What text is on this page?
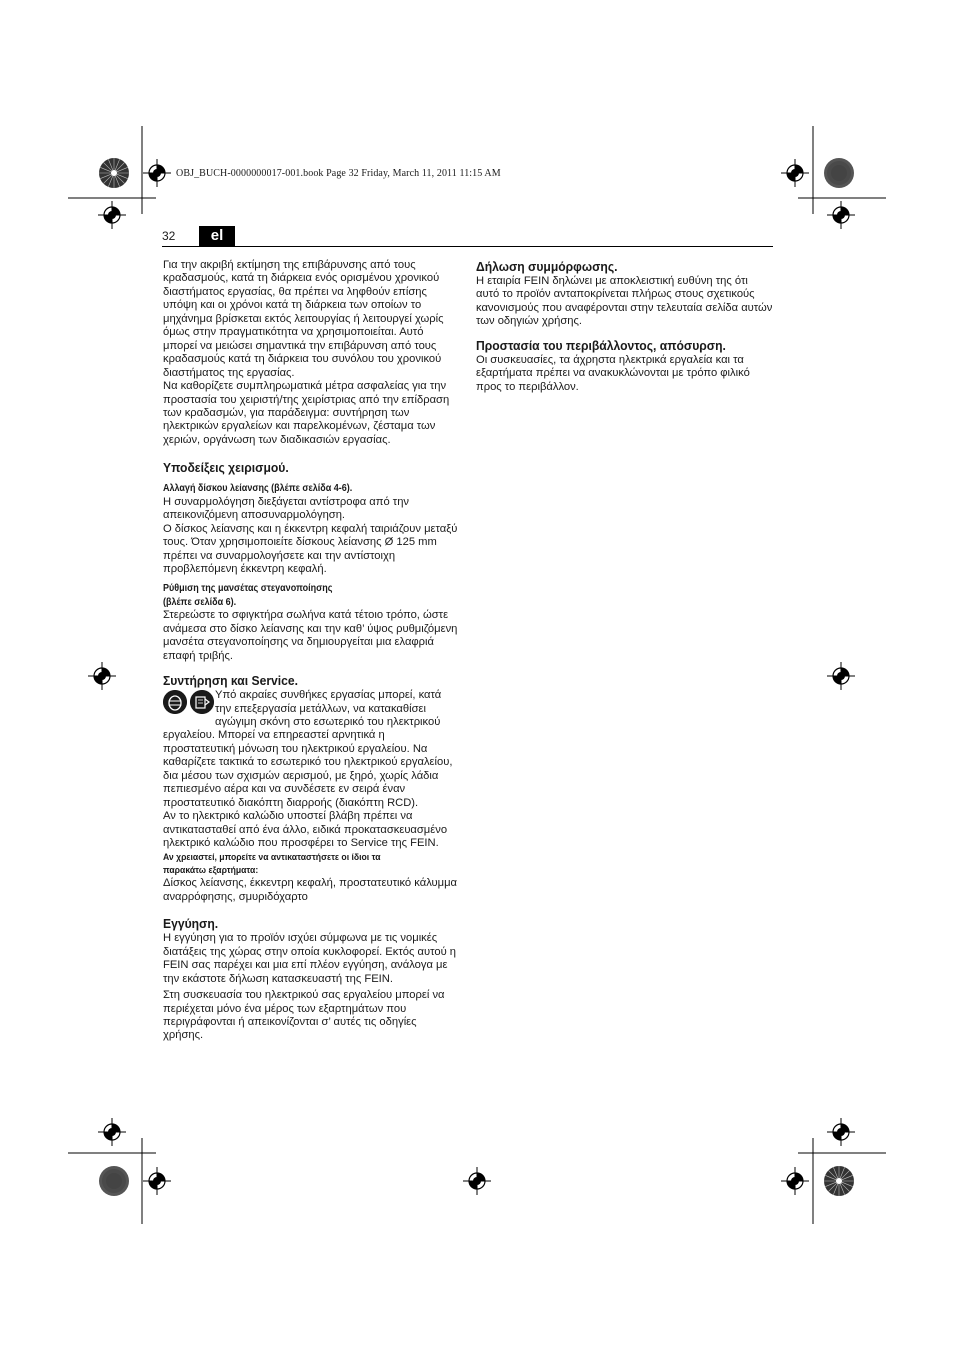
OBJ_BUCH-0000000017-001.book Page 32 Friday, March 11, 2011 11:15 AM
32	el

Για την ακριβή εκτίμηση της επιβάρυνσης από τους κραδασμούς, κατά τη διάρκεια ενός ορισμένου χρονικού διαστήματος εργασίας, θα πρέπει να ληφθούν επίσης υπόψη και οι χρόνοι κατά τη διάρκεια των οποίων το μηχάνημα βρίσκεται εκτός λειτουργίας ή λειτουργεί χωρίς όμως στην πραγματικότητα να χρησιμοποιείται. Αυτό μπορεί να μειώσει σημαντικά την επιβάρυνση από τους κραδασμούς κατά τη διάρκεια του συνόλου του χρονικού διαστήματος της εργασίας.

Να καθορίζετε συμπληρωματικά μέτρα ασφαλείας για την προστασία του χειριστή/της χειρίστριας από την επίδραση των κραδασμών, για παράδειγμα: συντήρηση των ηλεκτρικών εργαλείων και παρελκομένων, ζέσταμα των χεριών, οργάνωση των διαδικασιών εργασίας.

Υποδείξεις χειρισμού.
Αλλαγή δίσκου λείανσης (βλέπε σελίδα 4-6).

Η συναρμολόγηση διεξάγεται αντίστροφα από την απεικονιζόμενη αποσυναρμολόγηση.

Ο δίσκος λείανσης και η έκκεντρη κεφαλή ταιριάζουν μεταξύ τους. Όταν χρησιμοποιείτε δίσκους λείανσης Ø 125 mm πρέπει να συναρμολογήσετε και την αντίστοιχη προβλεπόμενη έκκεντρη κεφαλή.

Ρύθμιση της μανσέτας στεγανοποίησης
(βλέπε σελίδα 6).

Στερεώστε το σφιγκτήρα σωλήνα κατά τέτοιο τρόπο, ώστε ανάμεσα στο δίσκο λείανσης και την καθ’ ύψος ρυθμιζόμενη μανσέτα στεγανοποίησης να δημιουργείται μια ελαφριά επαφή τριβής.

Συντήρηση και Service.

Υπό ακραίες συνθήκες εργασίας μπορεί, κατά την επεξεργασία μετάλλων, να κατακαθίσει αγώγιμη σκόνη στο εσωτερικό του ηλεκτρικού εργαλείου. Μπορεί να επηρεαστεί αρνητικά η προστατευτική μόνωση του ηλεκτρικού εργαλείου. Να καθαρίζετε τακτικά το εσωτερικό του ηλεκτρικού εργαλείου, δια μέσου των σχισμών αερισμού, με ξηρό, χωρίς λάδια πεπιεσμένο αέρα και να συνδέσετε εν σειρά έναν προστατευτικό διακόπτη διαρροής (διακόπτη RCD).

Αν το ηλεκτρικό καλώδιο υποστεί βλάβη πρέπει να αντικατασταθεί από ένα άλλο, ειδικά προκατασκευασμένο ηλεκτρικό καλώδιο που προσφέρει το Service της FEIN.

Αν χρειαστεί, μπορείτε να αντικαταστήσετε οι ίδιοι τα
παρακάτω εξαρτήματα:

Δίσκος λείανσης, έκκεντρη κεφαλή, προστατευτικό κάλυμμα αναρρόφησης, σμυριδόχαρτο

Εγγύηση.

Η εγγύηση για το προϊόν ισχύει σύμφωνα με τις νομικές διατάξεις της χώρας στην οποία κυκλοφορεί. Εκτός αυτού η FEIN σας παρέχει και μια επί πλέον εγγύηση, ανάλογα με την εκάστοτε δήλωση κατασκευαστή της FEIN.

Στη συσκευασία του ηλεκτρικού σας εργαλείου μπορεί να περιέχεται μόνο ένα μέρος των εξαρτημάτων που περιγράφονται ή απεικονίζονται σ’ αυτές τις οδηγίες χρήσης.

Δήλωση συμμόρφωσης.

Η εταιρία FEIN δηλώνει με αποκλειστική ευθύνη της ότι αυτό το προϊόν ανταποκρίνεται πλήρως στους σχετικούς κανονισμούς που αναφέρονται στην τελευταία σελίδα αυτών των οδηγιών χρήσης.

Προστασία του περιβάλλοντος, απόσυρση.

Οι συσκευασίες, τα άχρηστα ηλεκτρικά εργαλεία και τα εξαρτήματα πρέπει να ανακυκλώνονται με τρόπο φιλικό προς το περιβάλλον.
